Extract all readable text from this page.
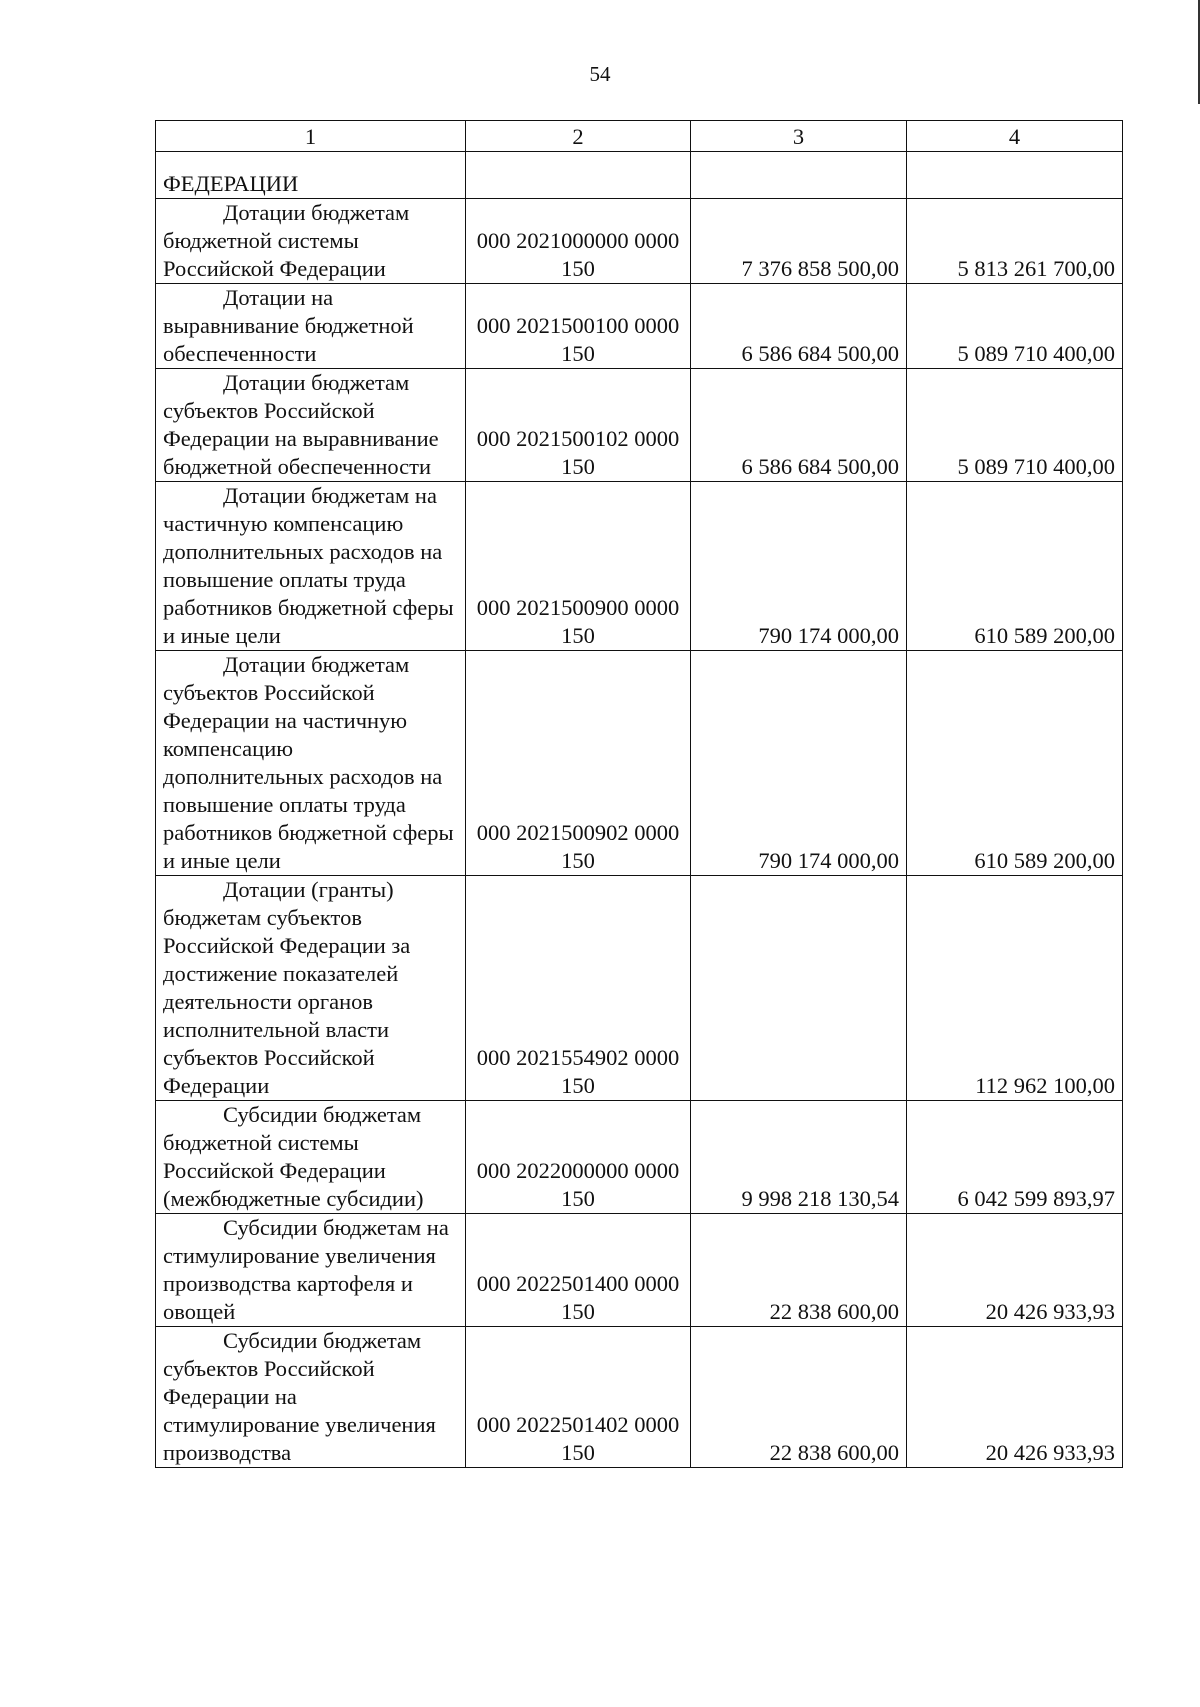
54
1	2	3	4
ФЕДЕРАЦИИ			
Дотации бюджетам бюджетной системы Российской Федерации	000 2021000000 0000 150	7 376 858 500,00	5 813 261 700,00
Дотации на выравнивание бюджетной обеспеченности	000 2021500100 0000 150	6 586 684 500,00	5 089 710 400,00
Дотации бюджетам субъектов Российской Федерации на выравнивание бюджетной обеспеченности	000 2021500102 0000 150	6 586 684 500,00	5 089 710 400,00
Дотации бюджетам на частичную компенсацию дополнительных расходов на повышение оплаты труда работников бюджетной сферы и иные цели	000 2021500900 0000 150	790 174 000,00	610 589 200,00
Дотации бюджетам субъектов Российской Федерации на частичную компенсацию дополнительных расходов на повышение оплаты труда работников бюджетной сферы и иные цели	000 2021500902 0000 150	790 174 000,00	610 589 200,00
Дотации (гранты) бюджетам субъектов Российской Федерации за достижение показателей деятельности органов исполнительной власти субъектов Российской Федерации	000 2021554902 0000 150		112 962 100,00
Субсидии бюджетам бюджетной системы Российской Федерации (межбюджетные субсидии)	000 2022000000 0000 150	9 998 218 130,54	6 042 599 893,97
Субсидии бюджетам на стимулирование увеличения производства картофеля и овощей	000 2022501400 0000 150	22 838 600,00	20 426 933,93
Субсидии бюджетам субъектов Российской Федерации на стимулирование увеличения производства	000 2022501402 0000 150	22 838 600,00	20 426 933,93
